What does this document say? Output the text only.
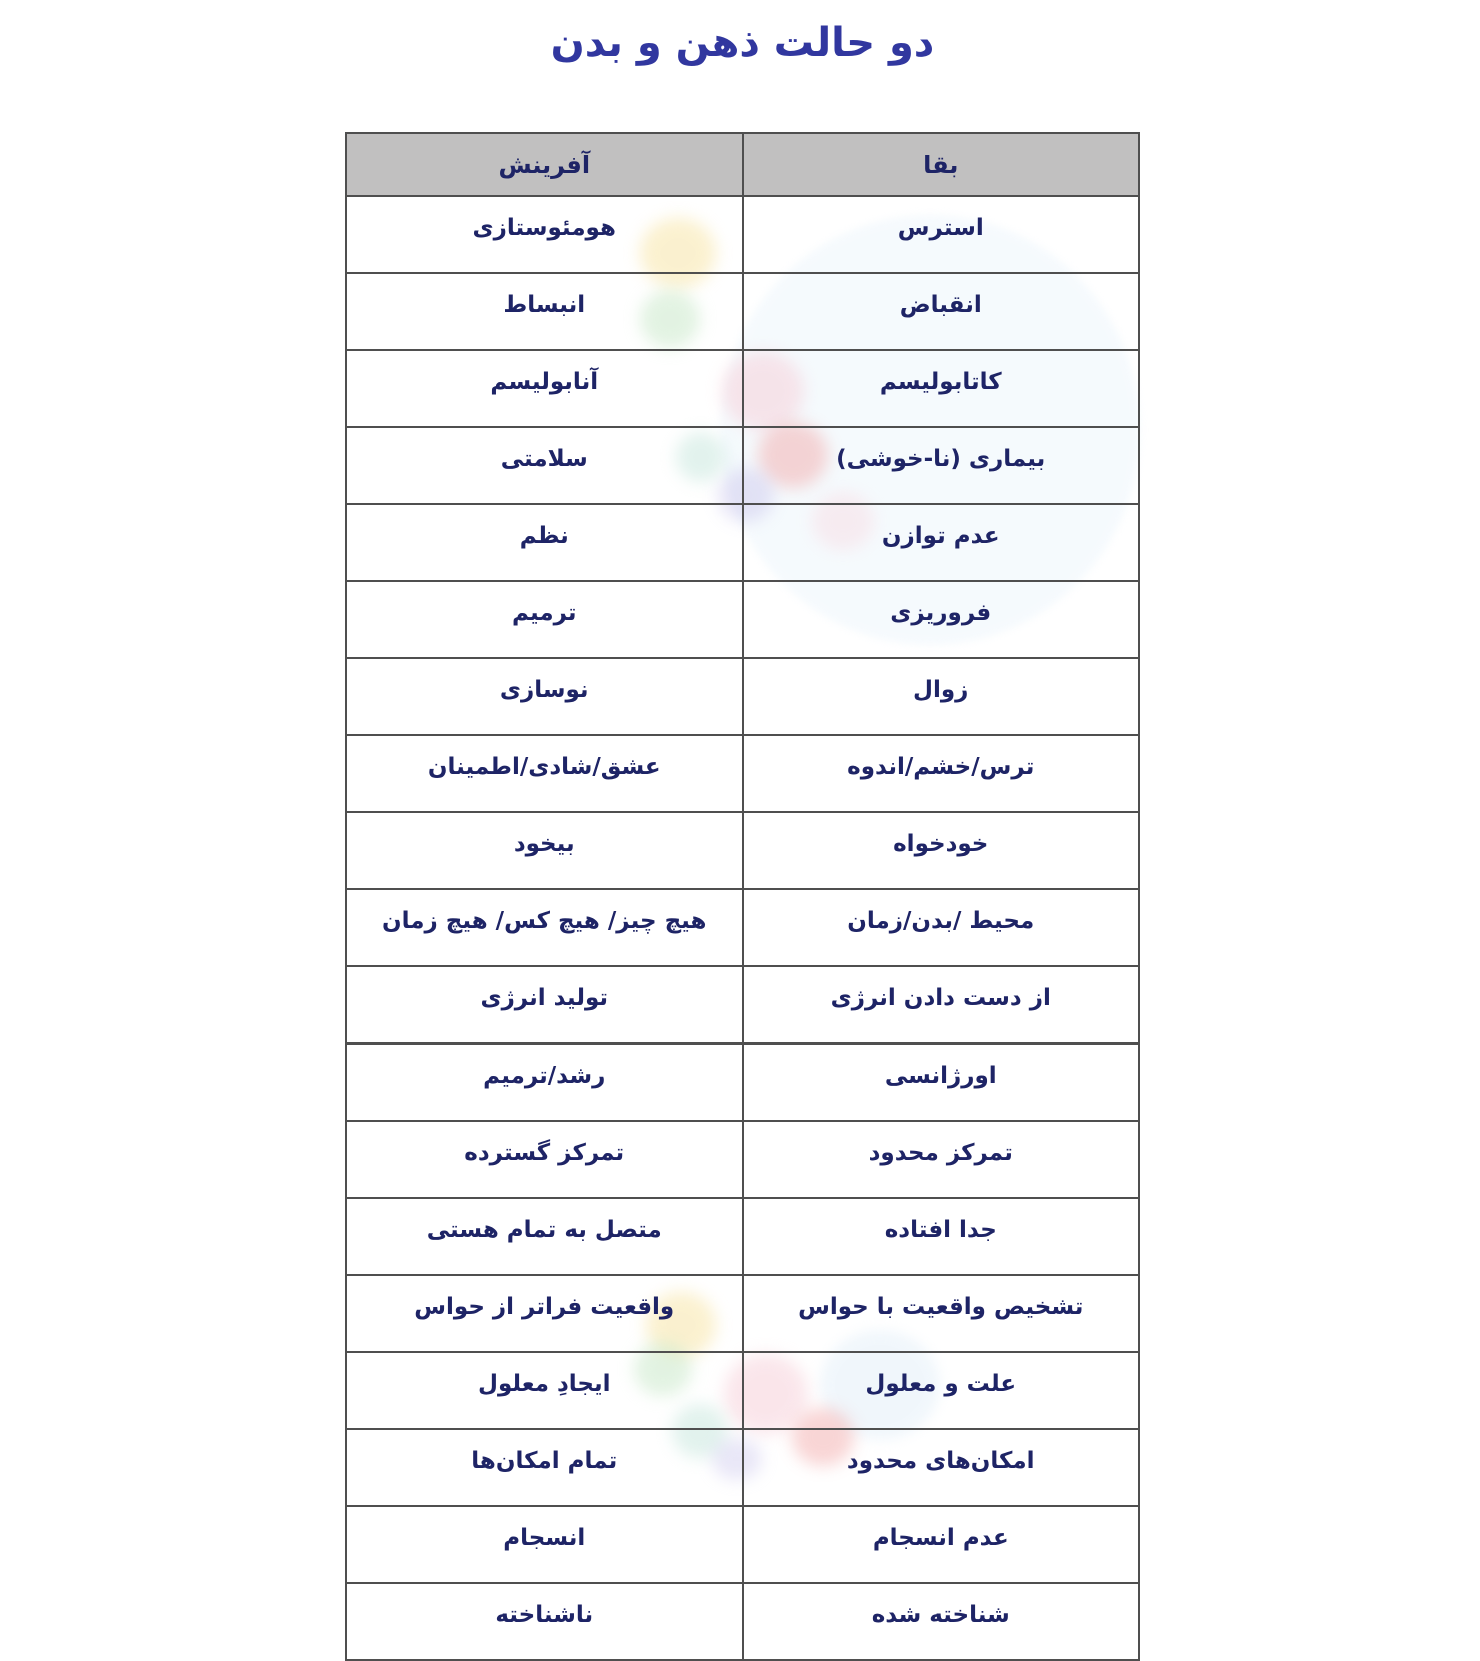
دو حالت ذهن و بدن
بقا	آفرینش
استرس	هومئوستازی
انقباض	انبساط
کاتابولیسم	آنابولیسم
بیماری (نا-خوشی)	سلامتی
عدم توازن	نظم
فروریزی	ترمیم
زوال	نوسازی
ترس/خشم/اندوه	عشق/شادی/اطمینان
خودخواه	بیخود
محیط /بدن/زمان	هیچ چیز/ هیچ کس/ هیچ زمان
از دست دادن انرژی	تولید انرژی
اورژانسی	رشد/ترمیم
تمرکز محدود	تمرکز گسترده
جدا افتاده	متصل به تمام هستی
تشخیص واقعیت با حواس	واقعیت فراتر از حواس
علت و معلول	ایجادِ معلول
امکان‌های محدود	تمام امکان‌ها
عدم انسجام	انسجام
شناخته شده	ناشناخته
